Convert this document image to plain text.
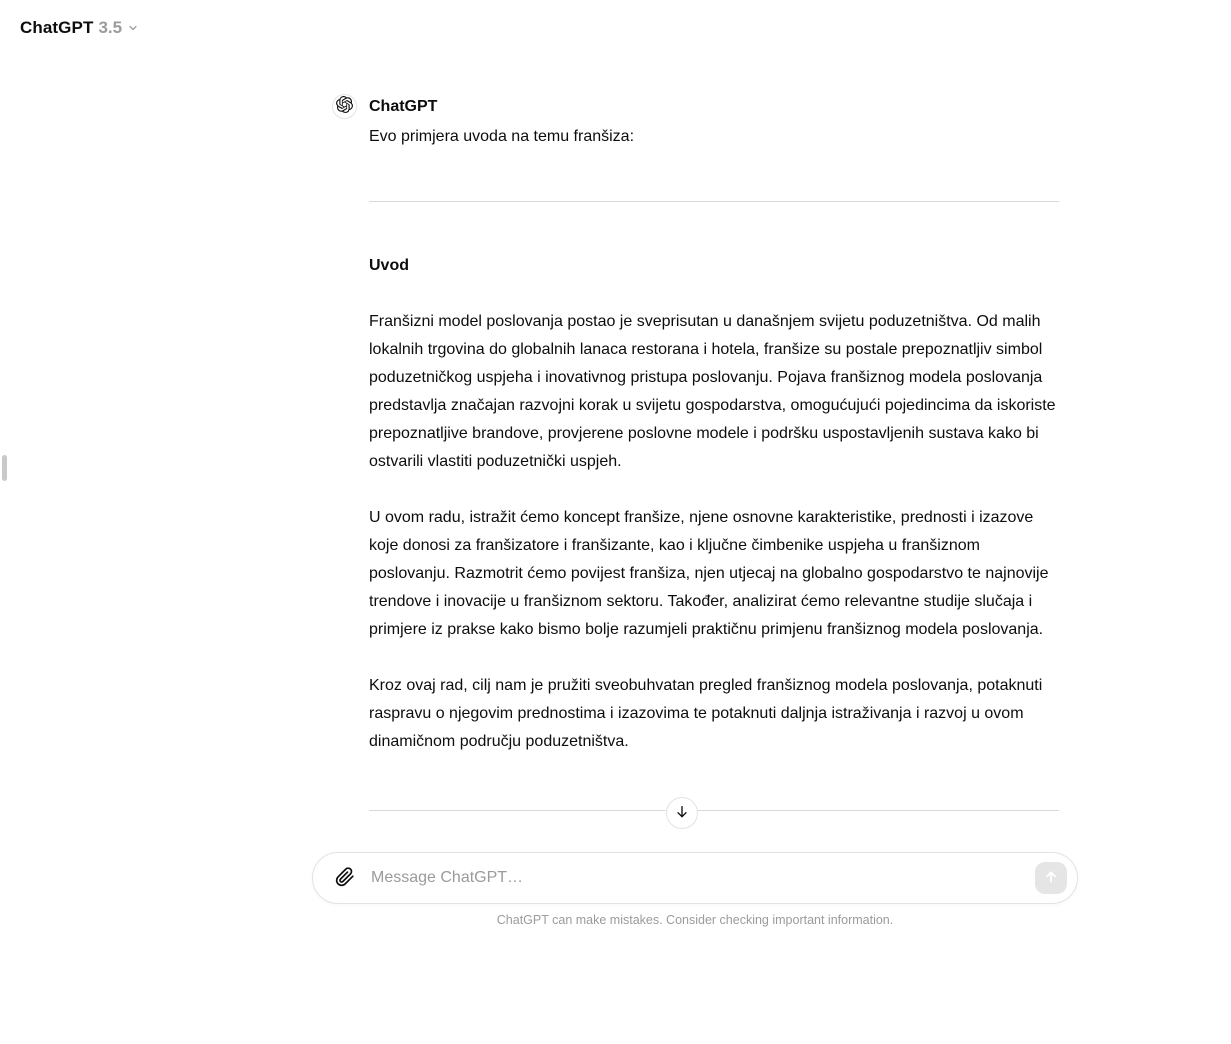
ChatGPT 3.5
ChatGPT

Evo primjera uvoda na temu franšiza:

Uvod

Franšizni model poslovanja postao je sveprisutan u današnjem svijetu poduzetništva. Od malih lokalnih trgovina do globalnih lanaca restorana i hotela, franšize su postale prepoznatljiv simbol poduzetničkog uspjeha i inovativnog pristupa poslovanju. Pojava franšiznog modela poslovanja predstavlja značajan razvojni korak u svijetu gospodarstva, omogućujući pojedincima da iskoriste prepoznatljive brandove, provjerene poslovne modele i podršku uspostavljenih sustava kako bi ostvarili vlastiti poduzetnički uspjeh.

U ovom radu, istražit ćemo koncept franšize, njene osnovne karakteristike, prednosti i izazove koje donosi za franšizatore i franšizante, kao i ključne čimbenike uspjeha u franšiznom poslovanju. Razmotrit ćemo povijest franšiza, njen utjecaj na globalno gospodarstvo te najnovije trendove i inovacije u franšiznom sektoru. Također, analizirat ćemo relevantne studije slučaja i primjere iz prakse kako bismo bolje razumjeli praktičnu primjenu franšiznog modela poslovanja.

Kroz ovaj rad, cilj nam je pružiti sveobuhvatan pregled franšiznog modela poslovanja, potaknuti raspravu o njegovim prednostima i izazovima te potaknuti daljnja istraživanja i razvoj u ovom dinamičnom području poduzetništva.

Message ChatGPT…
ChatGPT can make mistakes. Consider checking important information.
